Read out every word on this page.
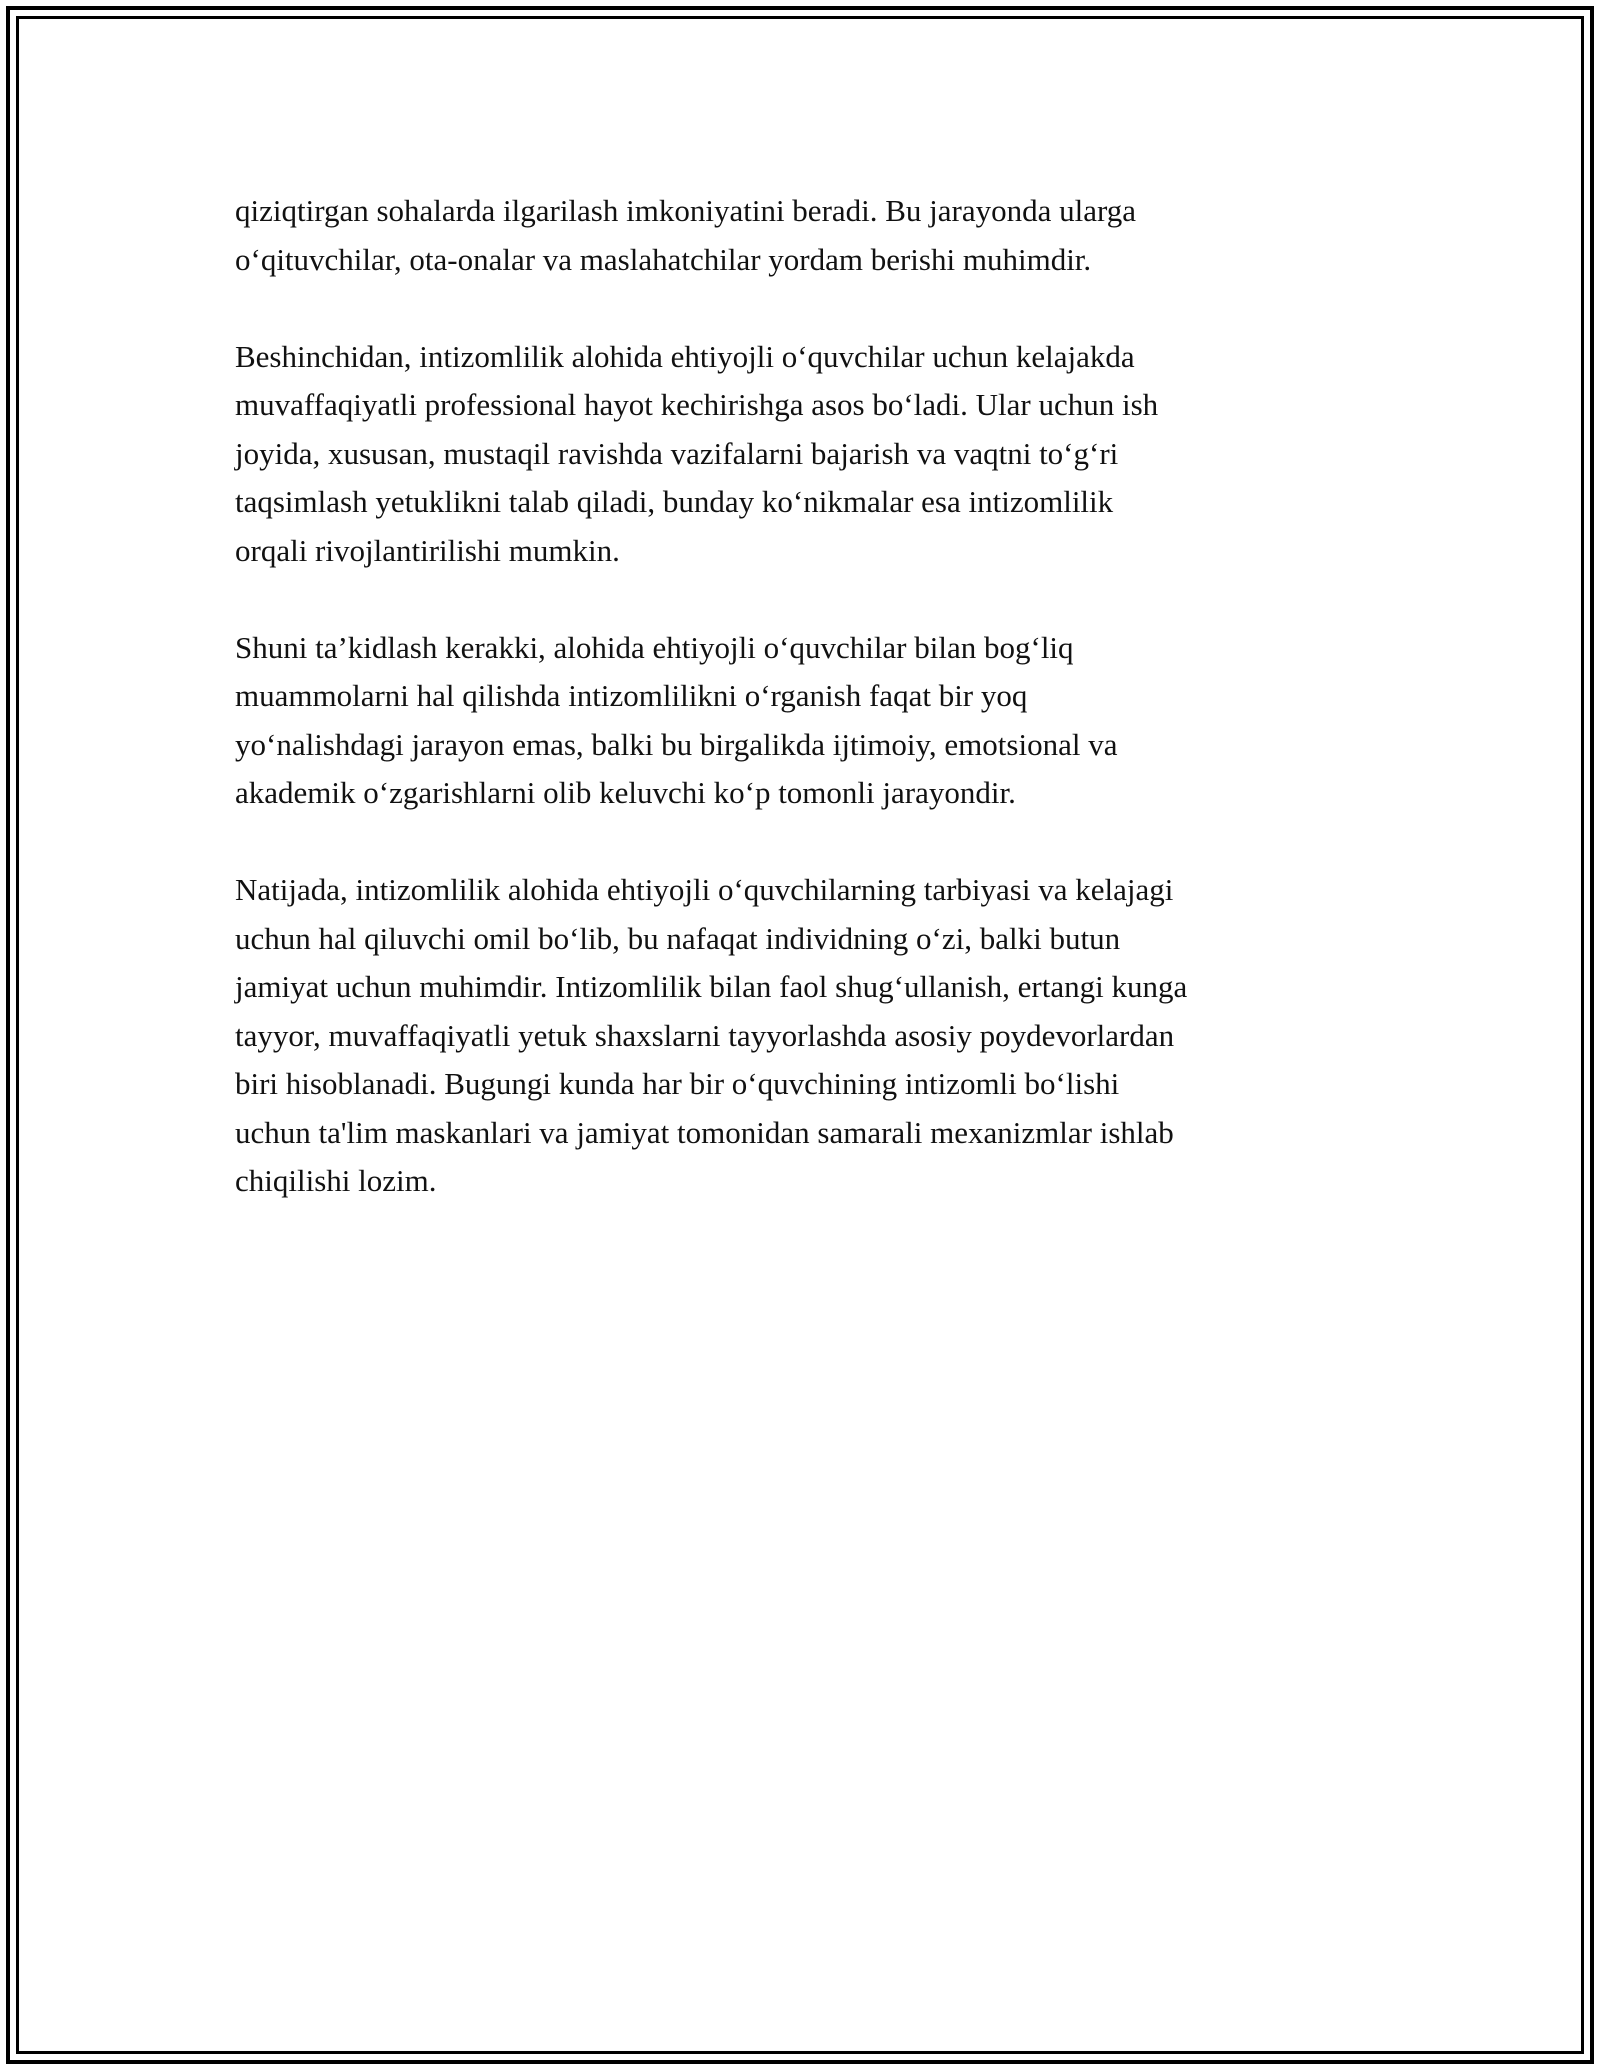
qiziqtirgan sohalarda ilgarilash imkoniyatini beradi. Bu jarayonda ularga
o‘qituvchilar, ota-onalar va maslahatchilar yordam berishi muhimdir.

Beshinchidan, intizomlilik alohida ehtiyojli o‘quvchilar uchun kelajakda
muvaffaqiyatli professional hayot kechirishga asos bo‘ladi. Ular uchun ish
joyida, xususan, mustaqil ravishda vazifalarni bajarish va vaqtni to‘g‘ri
taqsimlash yetuklikni talab qiladi, bunday ko‘nikmalar esa intizomlilik
orqali rivojlantirilishi mumkin.

Shuni ta’kidlash kerakki, alohida ehtiyojli o‘quvchilar bilan bog‘liq
muammolarni hal qilishda intizomlilikni o‘rganish faqat bir yoq
yo‘nalishdagi jarayon emas, balki bu birgalikda ijtimoiy, emotsional va
akademik o‘zgarishlarni olib keluvchi ko‘p tomonli jarayondir.

Natijada, intizomlilik alohida ehtiyojli o‘quvchilarning tarbiyasi va kelajagi
uchun hal qiluvchi omil bo‘lib, bu nafaqat individning o‘zi, balki butun
jamiyat uchun muhimdir. Intizomlilik bilan faol shug‘ullanish, ertangi kunga
tayyor, muvaffaqiyatli yetuk shaxslarni tayyorlashda asosiy poydevorlardan
biri hisoblanadi. Bugungi kunda har bir o‘quvchining intizomli bo‘lishi
uchun ta'lim maskanlari va jamiyat tomonidan samarali mexanizmlar ishlab
chiqilishi lozim.
